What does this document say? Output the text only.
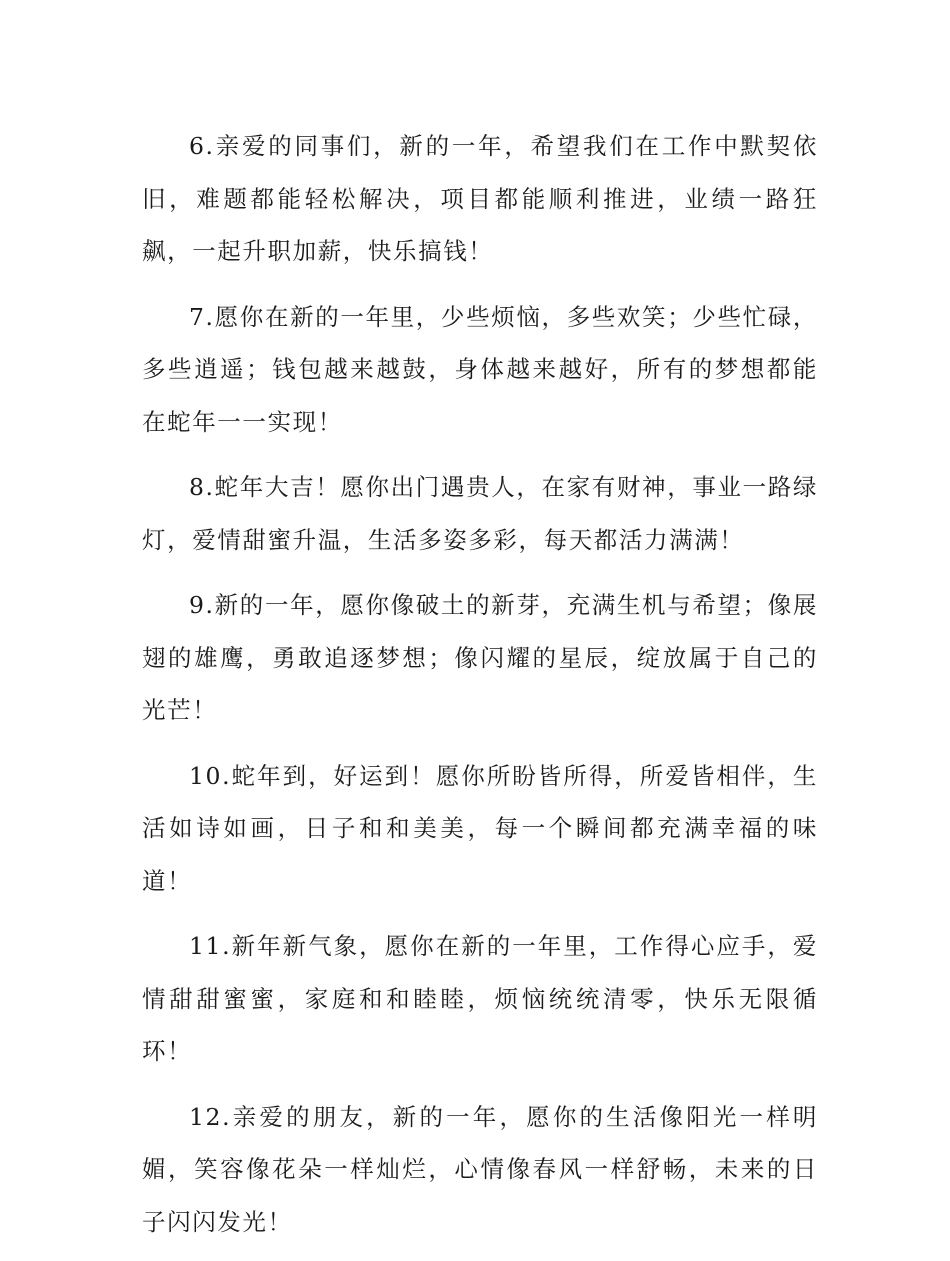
6.亲爱的同事们，新的一年，希望我们在工作中默契依旧，难题都能轻松解决，项目都能顺利推进，业绩一路狂飙，一起升职加薪，快乐搞钱！

7.愿你在新的一年里，少些烦恼，多些欢笑；少些忙碌，多些逍遥；钱包越来越鼓，身体越来越好，所有的梦想都能在蛇年一一实现！

8.蛇年大吉！愿你出门遇贵人，在家有财神，事业一路绿灯，爱情甜蜜升温，生活多姿多彩，每天都活力满满！

9.新的一年，愿你像破土的新芽，充满生机与希望；像展翅的雄鹰，勇敢追逐梦想；像闪耀的星辰，绽放属于自己的光芒！

10.蛇年到，好运到！愿你所盼皆所得，所爱皆相伴，生活如诗如画，日子和和美美，每一个瞬间都充满幸福的味道！

11.新年新气象，愿你在新的一年里，工作得心应手，爱情甜甜蜜蜜，家庭和和睦睦，烦恼统统清零，快乐无限循环！

12.亲爱的朋友，新的一年，愿你的生活像阳光一样明媚，笑容像花朵一样灿烂，心情像春风一样舒畅，未来的日子闪闪发光！
